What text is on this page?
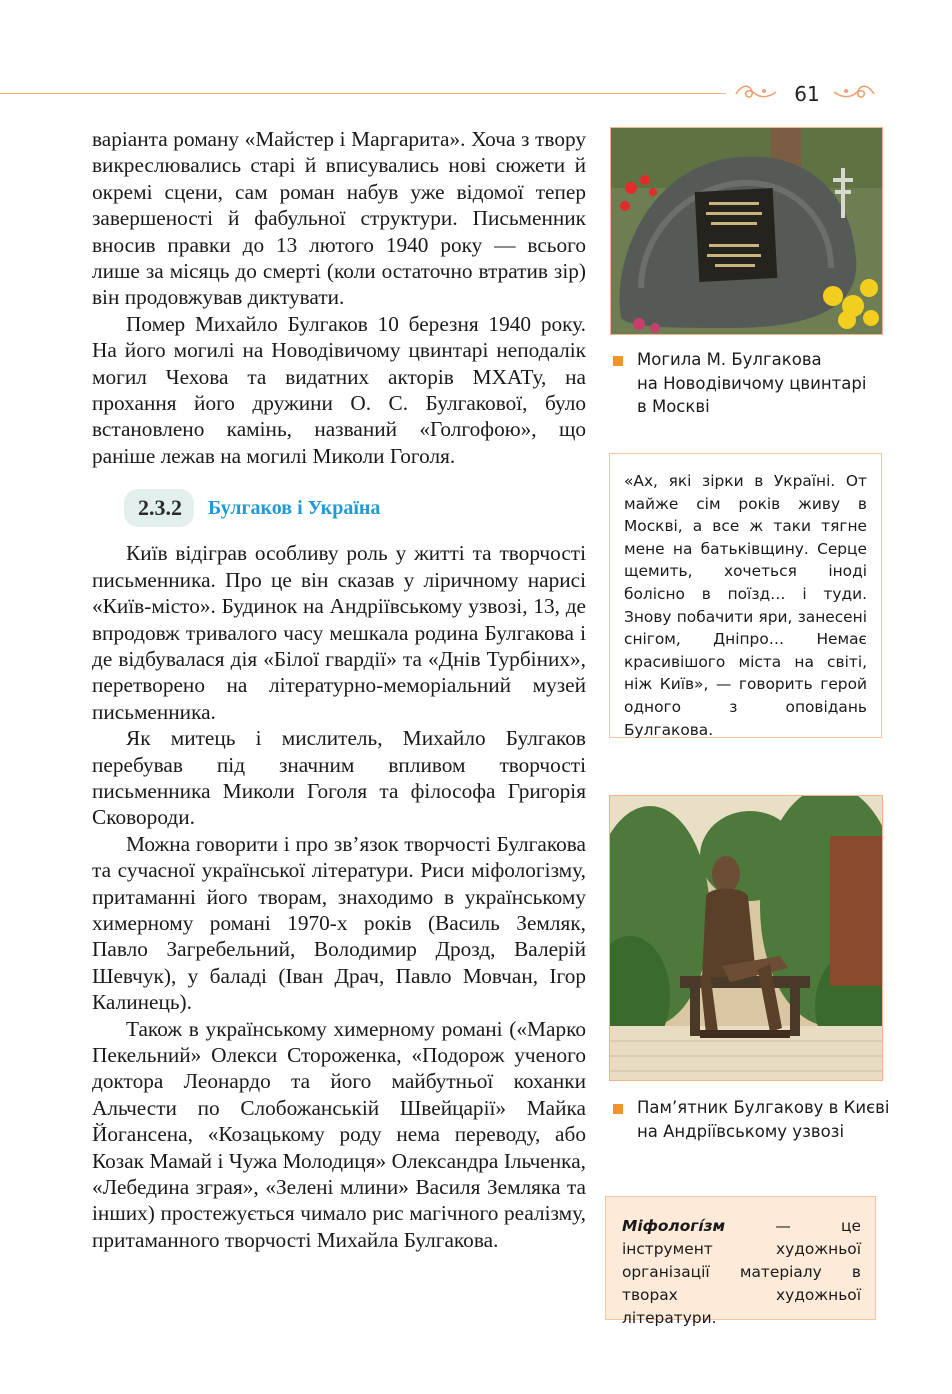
61

варіанта роману «Майстер і Маргарита». Хоча з твору викреслювались старі й вписувались нові сюжети й окремі сцени, сам роман набув уже відомої тепер завершеності й фабульної структури. Письменник вносив правки до 13 лютого 1940 року — всього лише за місяць до смерті (коли остаточно втратив зір) він продовжував диктувати.

Помер Михайло Булгаков 10 березня 1940 року. На його могилі на Новодівичому цвинтарі неподалік могил Чехова та видатних акторів МХАТу, на прохання його дружини О. С. Булгакової, було встановлено камінь, названий «Голгофою», що раніше лежав на могилі Миколи Гоголя.

2.3.2	Булгаков і Україна

Київ відіграв особливу роль у житті та творчості письменника. Про це він сказав у ліричному нарисі «Київ-місто». Будинок на Андріївському узвозі, 13, де впродовж тривалого часу мешкала родина Булгакова і де відбувалася дія «Білої гвардії» та «Днів Турбіних», перетворено на літературно-меморіальний музей письменника.

Як митець і мислитель, Михайло Булгаков перебував під значним впливом творчості письменника Миколи Гоголя та філософа Григорія Сковороди.

Можна говорити і про зв’язок творчості Булгакова та сучасної української літератури. Риси міфологізму, притаманні його творам, знаходимо в українському химерному романі 1970-х років (Василь Земляк, Павло Загребельний, Володимир Дрозд, Валерій Шевчук), у баладі (Іван Драч, Павло Мовчан, Ігор Калинець).

Також в українському химерному романі («Марко Пекельний» Олекси Стороженка, «Подорож ученого доктора Леонардо та його майбутньої коханки Альчести по Слобожанській Швейцарії» Майка Йогансена, «Козацькому роду нема переводу, або Козак Мамай і Чужа Молодиця» Олександра Ільченка, «Лебедина зграя», «Зелені млини» Василя Земляка та інших) простежується чимало рис магічного реалізму, притаманного творчості Михайла Булгакова.

Могила М. Булгакова
на Новодівичому цвинтарі
в Москві
«Ах, які зірки в Україні. От майже сім років живу в Москві, а все ж таки тягне мене на батьківщину. Серце щемить, хочеться іноді болісно в поїзд… і туди. Знову побачити яри, занесені снігом, Дніпро… Немає красивішого міста на світі, ніж Київ», — говорить герой одного з оповідань Булгакова.
Пам’ятник Булгакову в Києві
на Андріївському узвозі
Міфологі́зм — це інструмент художньої організації матеріалу в творах художньої літератури.
